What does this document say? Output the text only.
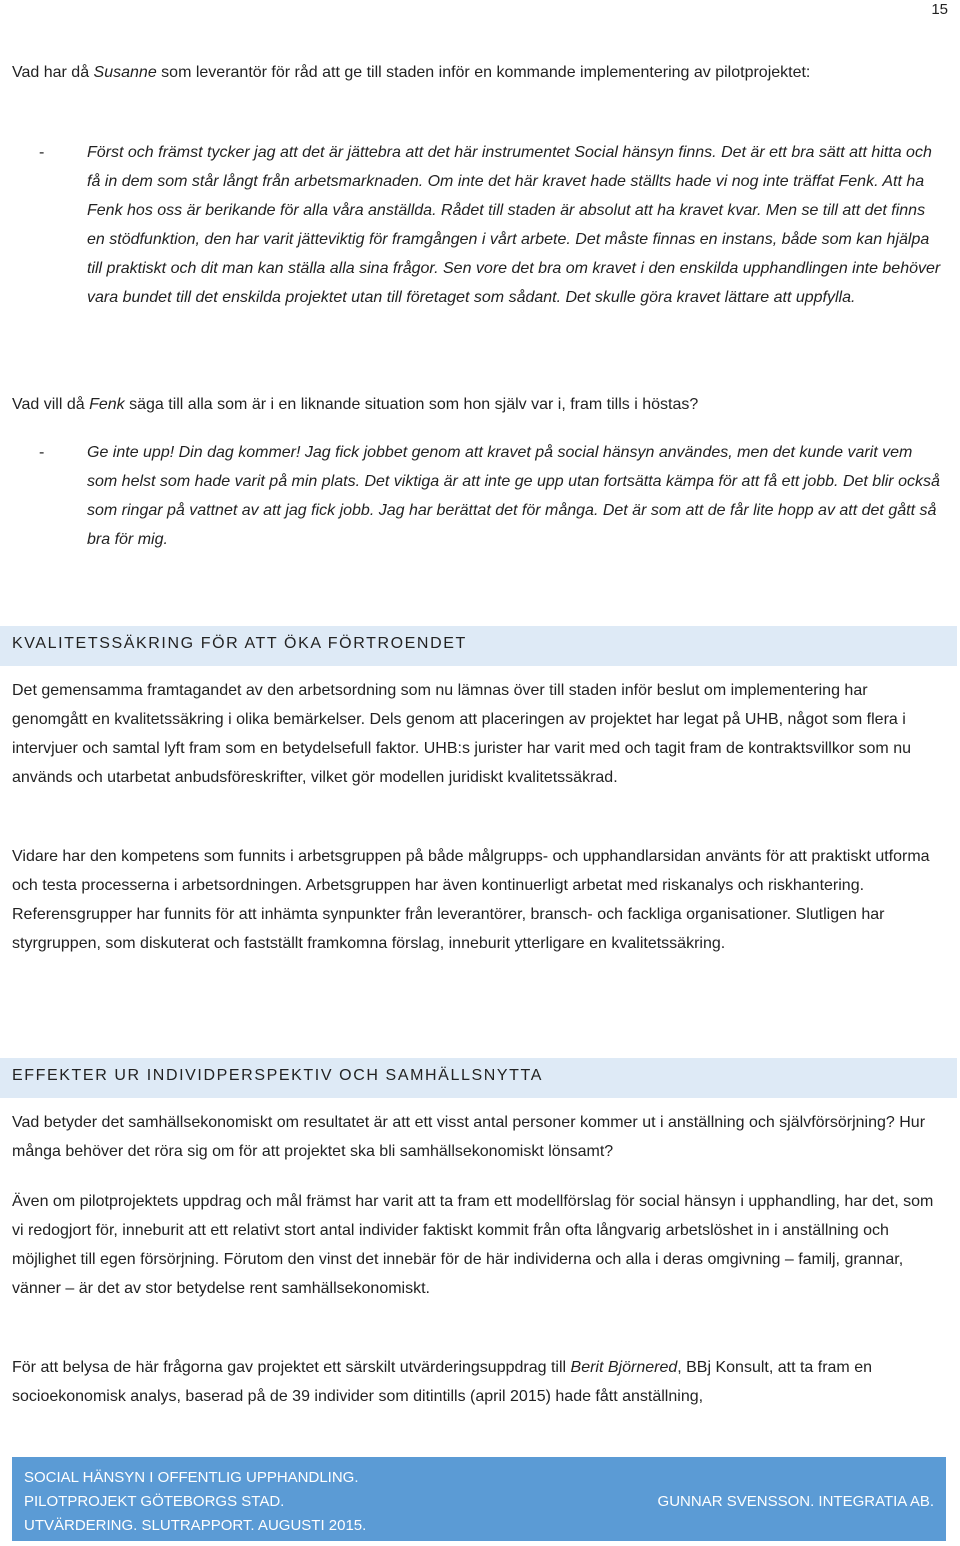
15

Vad har då Susanne som leverantör för råd att ge till staden inför en kommande implementering av pilotprojektet:

-	Först och främst tycker jag att det är jättebra att det här instrumentet Social hänsyn finns. Det är ett bra sätt att hitta och få in dem som står långt från arbetsmarknaden. Om inte det här kravet hade ställts hade vi nog inte träffat Fenk. Att ha Fenk hos oss är berikande för alla våra anställda. Rådet till staden är absolut att ha kravet kvar. Men se till att det finns en stödfunktion, den har varit jätteviktig för framgången i vårt arbete. Det måste finnas en instans, både som kan hjälpa till praktiskt och dit man kan ställa alla sina frågor. Sen vore det bra om kravet i den enskilda upphandlingen inte behöver vara bundet till det enskilda projektet utan till företaget som sådant. Det skulle göra kravet lättare att uppfylla.

Vad vill då Fenk säga till alla som är i en liknande situation som hon själv var i, fram tills i höstas?

-	Ge inte upp! Din dag kommer! Jag fick jobbet genom att kravet på social hänsyn användes, men det kunde varit vem som helst som hade varit på min plats. Det viktiga är att inte ge upp utan fortsätta kämpa för att få ett jobb. Det blir också som ringar på vattnet av att jag fick jobb. Jag har berättat det för många. Det är som att de får lite hopp av att det gått så bra för mig.
KVALITETSSÄKRING FÖR ATT ÖKA FÖRTROENDET

Det gemensamma framtagandet av den arbetsordning som nu lämnas över till staden inför beslut om implementering har genomgått en kvalitetssäkring i olika bemärkelser. Dels genom att placeringen av projektet har legat på UHB, något som flera i intervjuer och samtal lyft fram som en betydelsefull faktor. UHB:s jurister har varit med och tagit fram de kontraktsvillkor som nu används och utarbetat anbudsföreskrifter, vilket gör modellen juridiskt kvalitetssäkrad.

Vidare har den kompetens som funnits i arbetsgruppen på både målgrupps- och upphandlarsidan använts för att praktiskt utforma och testa processerna i arbetsordningen. Arbetsgruppen har även kontinuerligt arbetat med riskanalys och riskhantering. Referensgrupper har funnits för att inhämta synpunkter från leverantörer, bransch- och fackliga organisationer. Slutligen har styrgruppen, som diskuterat och fastställt framkomna förslag, inneburit ytterligare en kvalitetssäkring.

EFFEKTER UR INDIVIDPERSPEKTIV OCH SAMHÄLLSNYTTA

Vad betyder det samhällsekonomiskt om resultatet är att ett visst antal personer kommer ut i anställning och självförsörjning? Hur många behöver det röra sig om för att projektet ska bli samhällsekonomiskt lönsamt?

Även om pilotprojektets uppdrag och mål främst har varit att ta fram ett modellförslag för social hänsyn i upphandling, har det, som vi redogjort för, inneburit att ett relativt stort antal individer faktiskt kommit från ofta långvarig arbetslöshet in i anställning och möjlighet till egen försörjning. Förutom den vinst det innebär för de här individerna och alla i deras omgivning – familj, grannar, vänner – är det av stor betydelse rent samhällsekonomiskt.

För att belysa de här frågorna gav projektet ett särskilt utvärderingsuppdrag till Berit Björnered, BBj Konsult, att ta fram en socioekonomisk analys, baserad på de 39 individer som ditintills (april 2015) hade fått anställning,

SOCIAL HÄNSYN I OFFENTLIG UPPHANDLING.
PILOTPROJEKT GÖTEBORGS STAD.
UTVÄRDERING. SLUTRAPPORT. AUGUSTI 2015.
GUNNAR SVENSSON. INTEGRATIA AB.
